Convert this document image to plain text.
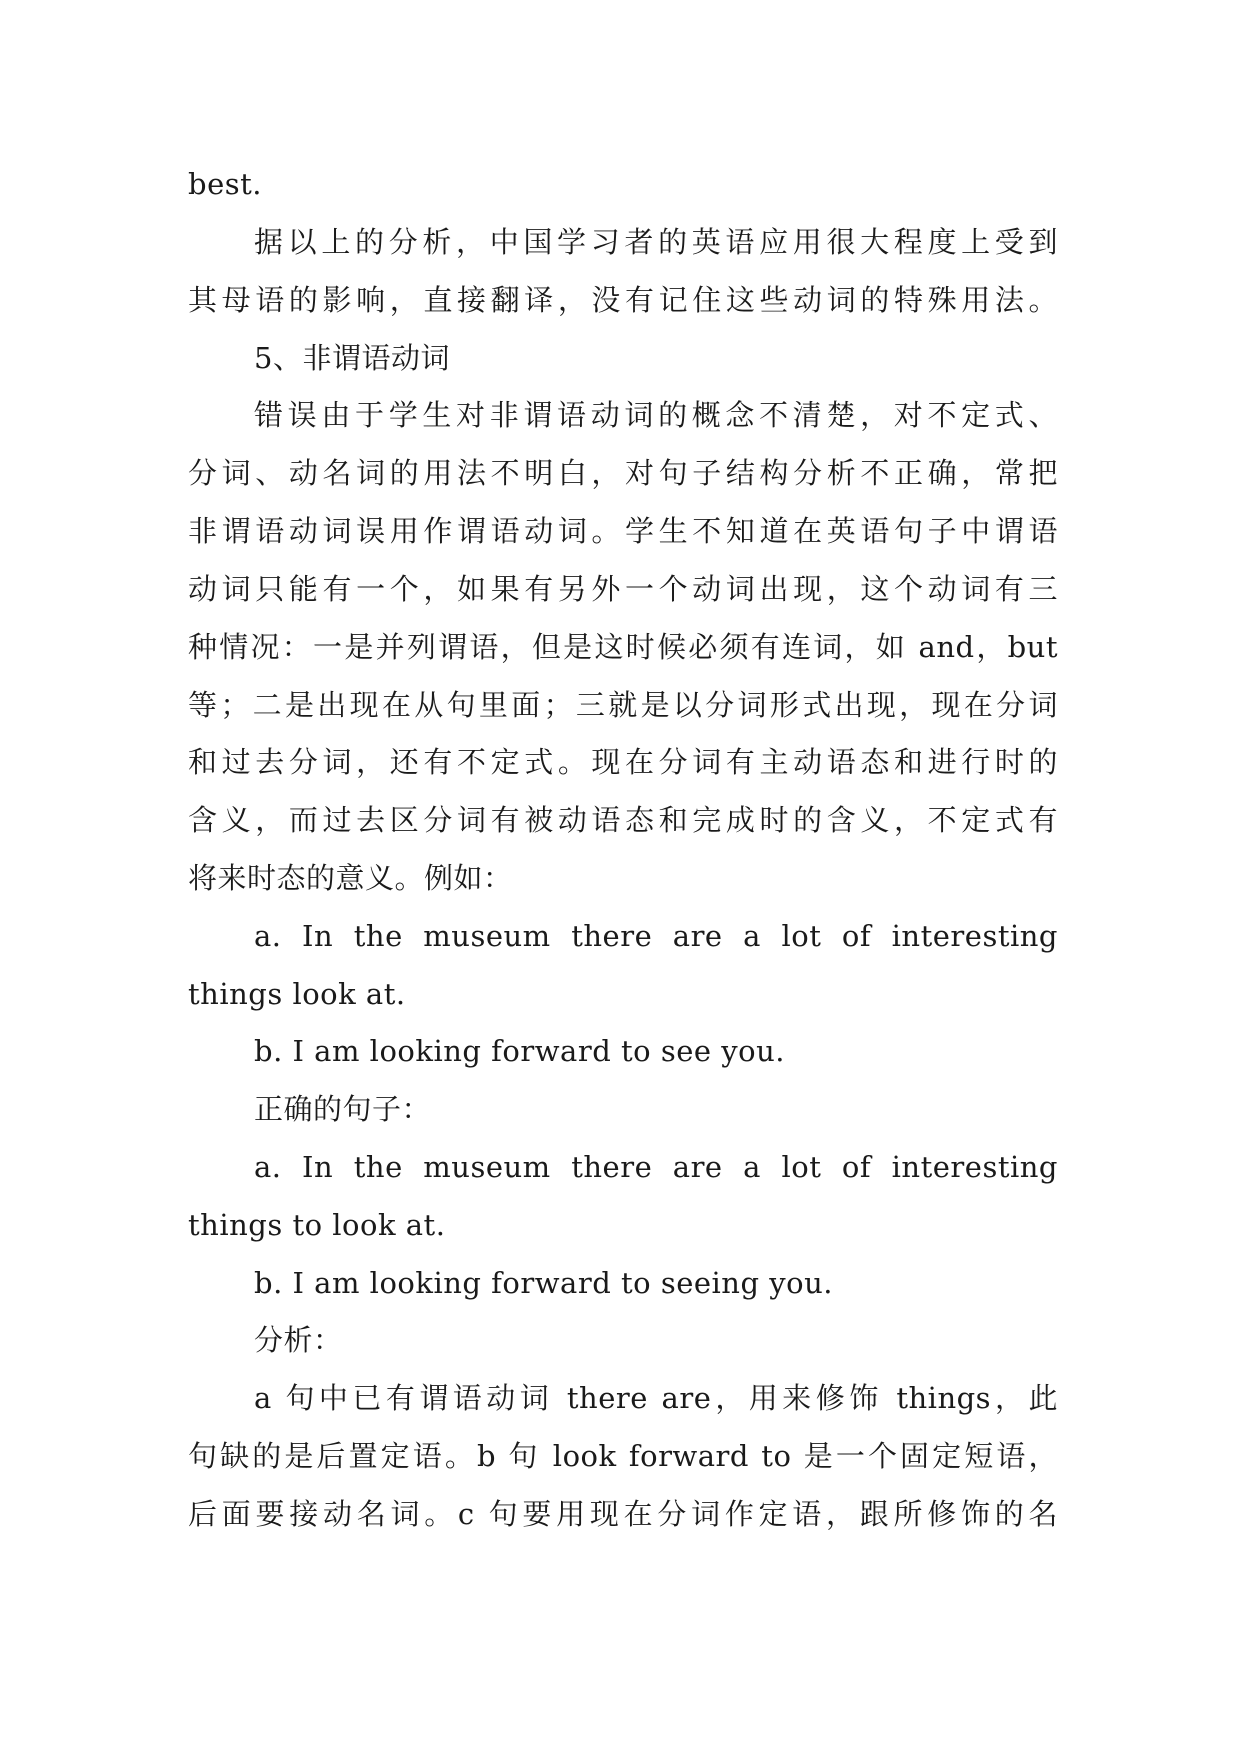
best.
据以上的分析，中国学习者的英语应用很大程度上受到
其母语的影响，直接翻译，没有记住这些动词的特殊用法。
5、非谓语动词
错误由于学生对非谓语动词的概念不清楚，对不定式、
分词、动名词的用法不明白，对句子结构分析不正确，常把
非谓语动词误用作谓语动词。学生不知道在英语句子中谓语
动词只能有一个，如果有另外一个动词出现，这个动词有三
种情况：一是并列谓语，但是这时候必须有连词，如 and，but
等；二是出现在从句里面；三就是以分词形式出现，现在分词
和过去分词，还有不定式。现在分词有主动语态和进行时的
含义，而过去区分词有被动语态和完成时的含义，不定式有
将来时态的意义。例如：
a. In the museum there are a lot of interesting
things look at.
b. I am looking forward to see you.
正确的句子：
a. In the museum there are a lot of interesting
things to look at.
b. I am looking forward to seeing you.
分析：
a 句中已有谓语动词 there are，用来修饰 things，此
句缺的是后置定语。b 句 look forward to 是一个固定短语，
后面要接动名词。c 句要用现在分词作定语，跟所修饰的名
